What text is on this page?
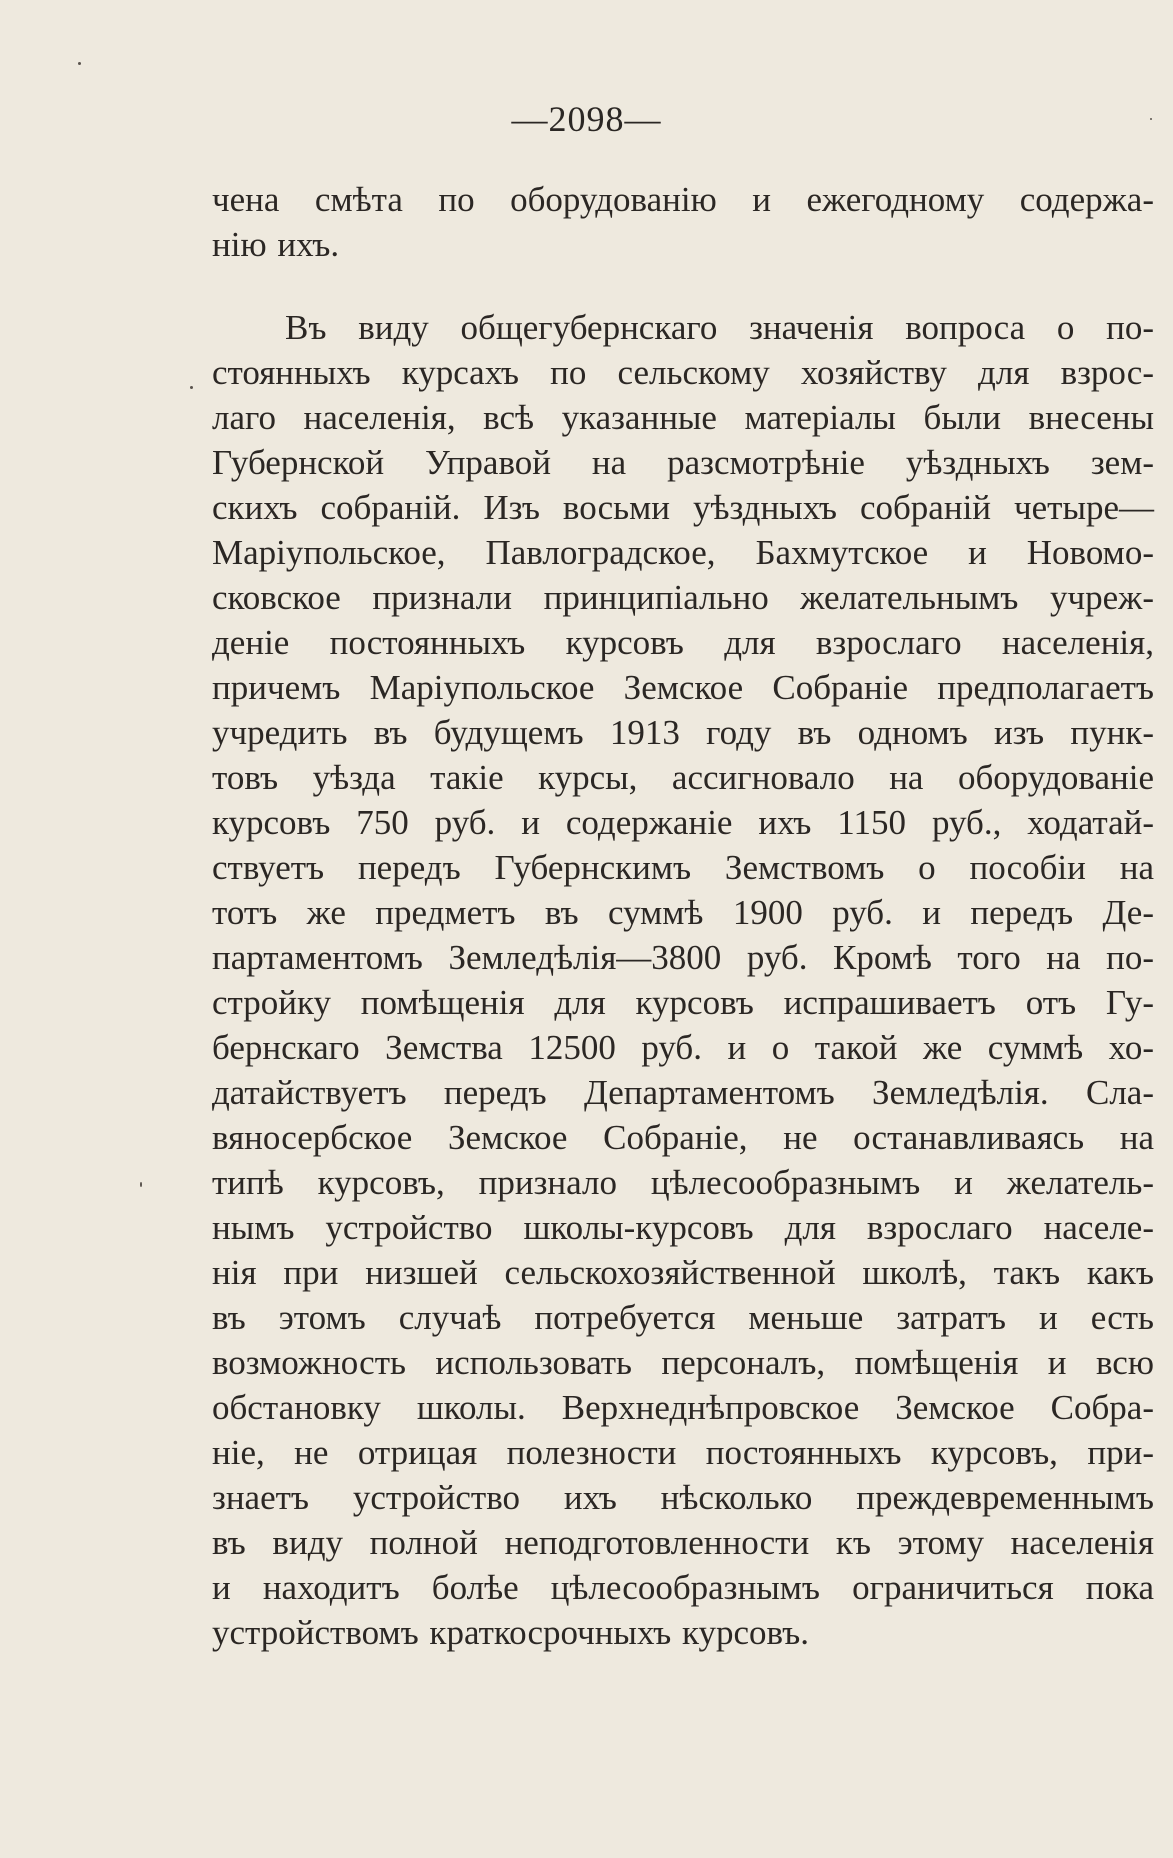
—2098—
чена смѣта по оборудованію и ежегодному содержа-
нію ихъ.
Въ виду общегубернскаго значенія вопроса о по-
стоянныхъ курсахъ по сельскому хозяйству для взрос-
лаго населенія, всѣ указанные матеріалы были внесены
Губернской Управой на разсмотрѣніе уѣздныхъ зем-
скихъ собраній. Изъ восьми уѣздныхъ собраній четыре—
Маріупольское, Павлоградское, Бахмутское и Новомо-
сковское признали принципіально желательнымъ учреж-
деніе постоянныхъ курсовъ для взрослаго населенія,
причемъ Маріупольское Земское Собраніе предполагаетъ
учредить въ будущемъ 1913 году въ одномъ изъ пунк-
товъ уѣзда такіе курсы, ассигновало на оборудованіе
курсовъ 750 руб. и содержаніе ихъ 1150 руб., ходатай-
ствуетъ передъ Губернскимъ Земствомъ о пособіи на
тотъ же предметъ въ суммѣ 1900 руб. и передъ Де-
партаментомъ Земледѣлія—3800 руб. Кромѣ того на по-
стройку помѣщенія для курсовъ испрашиваетъ отъ Гу-
бернскаго Земства 12500 руб. и о такой же суммѣ хо-
датайствуетъ передъ Департаментомъ Земледѣлія. Сла-
вяносербское Земское Собраніе, не останавливаясь на
типѣ курсовъ, признало цѣлесообразнымъ и желатель-
нымъ устройство школы-курсовъ для взрослаго населе-
нія при низшей сельскохозяйственной школѣ, такъ какъ
въ этомъ случаѣ потребуется меньше затратъ и есть
возможность использовать персоналъ, помѣщенія и всю
обстановку школы. Верхнеднѣпровское Земское Собра-
ніе, не отрицая полезности постоянныхъ курсовъ, при-
знаетъ устройство ихъ нѣсколько преждевременнымъ
въ виду полной неподготовленности къ этому населенія
и находитъ болѣе цѣлесообразнымъ ограничиться пока
устройствомъ краткосрочныхъ курсовъ.
